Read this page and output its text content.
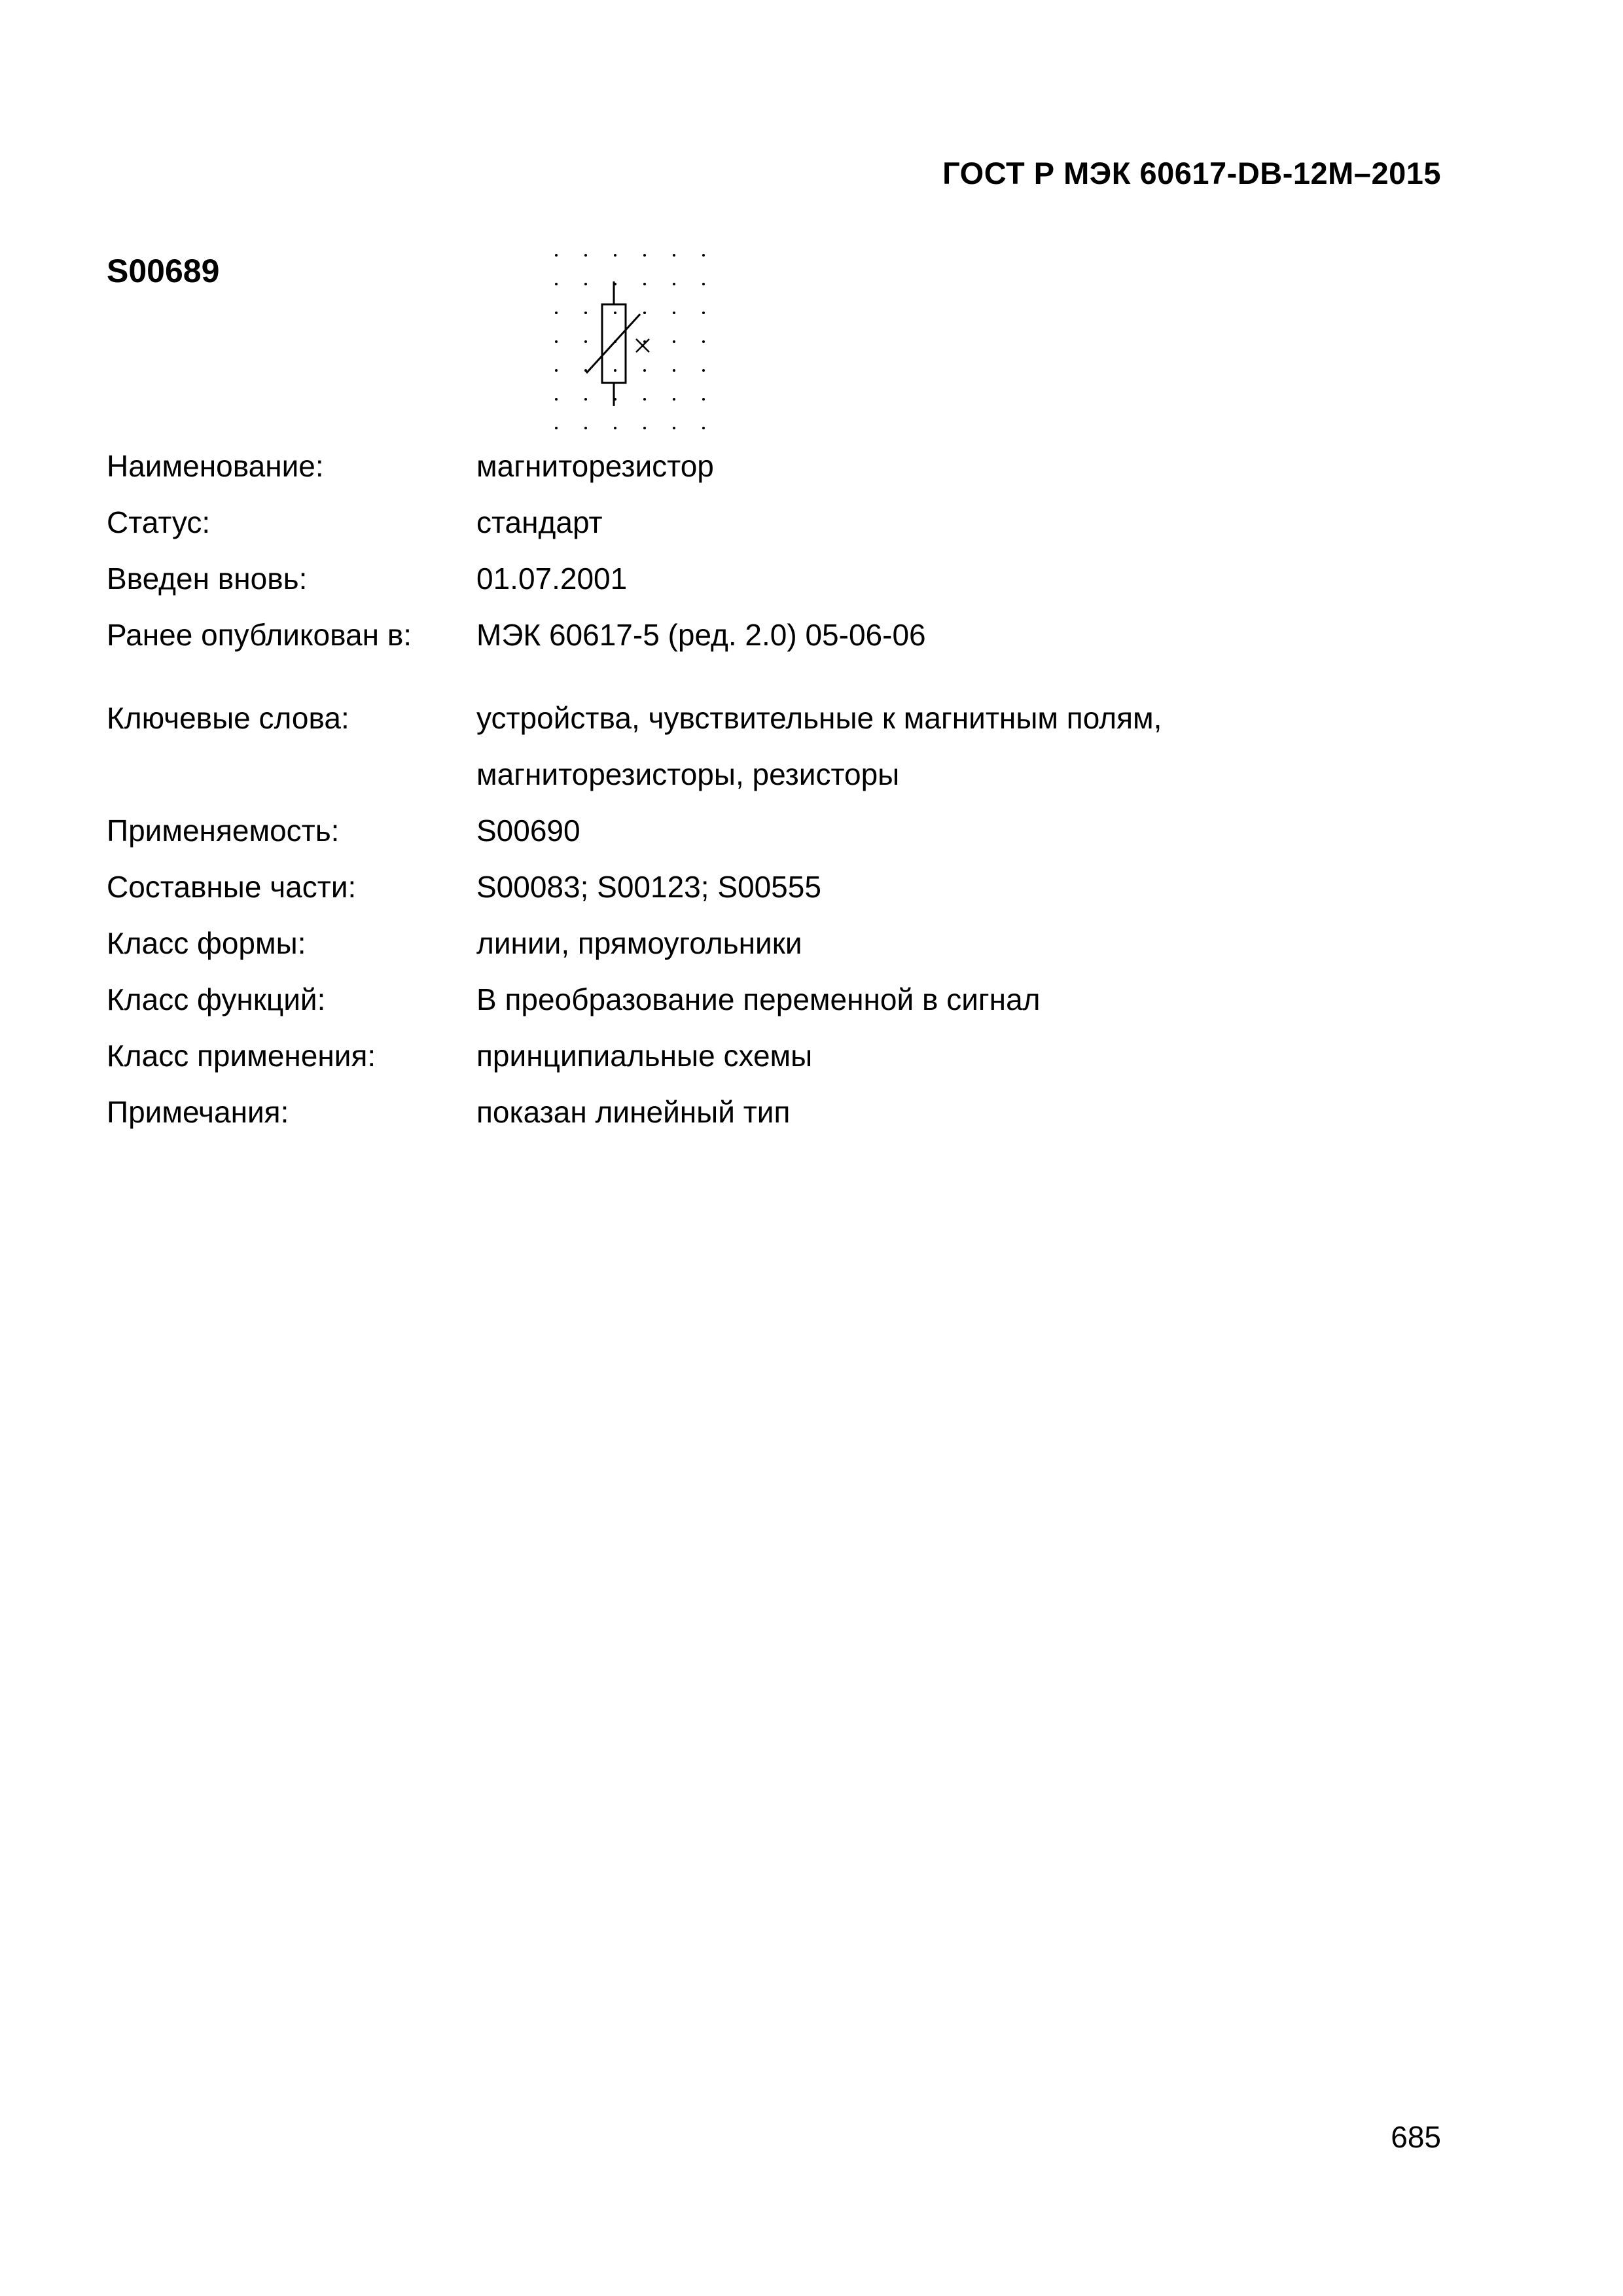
ГОСТ Р МЭК 60617-DB-12M–2015
S00689
Наименование:	магниторезистор
Статус:	стандарт
Введен вновь:	01.07.2001
Ранее опубликован в: МЭК 60617-5 (ред. 2.0) 05-06-06
Ключевые слова:	устройства, чувствительные к магнитным полям,
магниторезисторы, резисторы
Применяемость:	S00690
Составные части:	S00083; S00123; S00555
Класс формы:	линии, прямоугольники
Класс функций:	В преобразование переменной в сигнал
Класс применения:	принципиальные схемы
Примечания:	показан линейный тип
685
